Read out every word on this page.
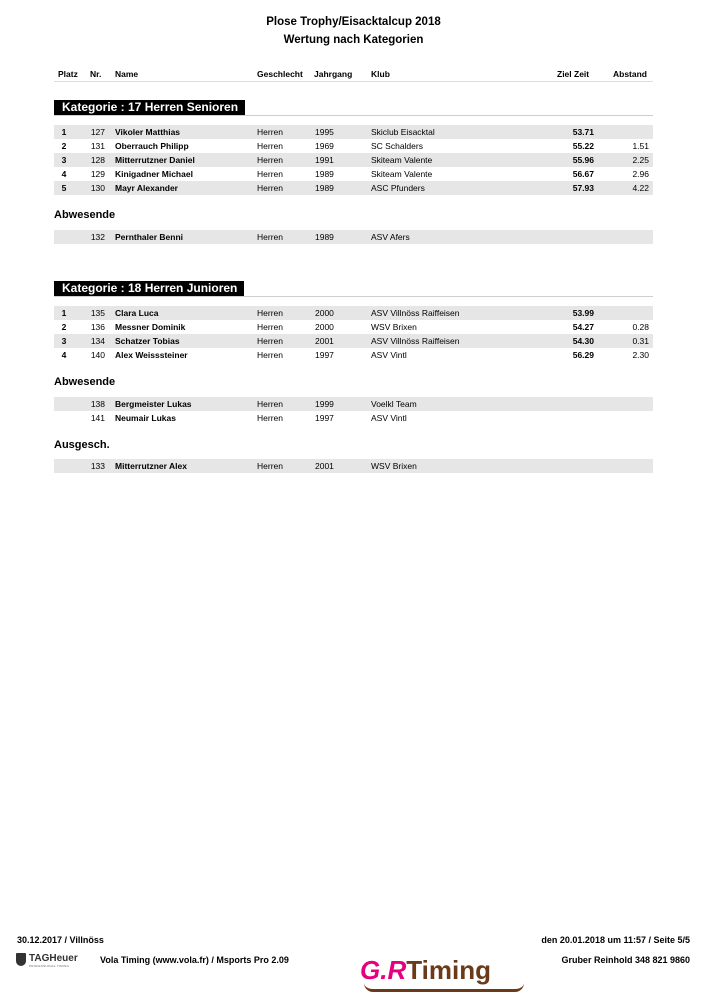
Plose Trophy/Eisacktalcup 2018
Wertung nach Kategorien
Platz Nr. Name	Geschlecht Jahrgang Klub	Ziel Zeit	Abstand
Kategorie : 17 Herren Senioren
1	127 Vikoler Matthias	Herren	1995	Skiclub Eisacktal	53.71
2	131 Oberrauch Philipp	Herren	1969	SC Schalders	55.22	1.51
3	128 Mitterrutzner Daniel	Herren	1991	Skiteam Valente	55.96	2.25
4	129 Kinigadner Michael	Herren	1989	Skiteam Valente	56.67	2.96
5	130 Mayr Alexander	Herren	1989	ASC Pfunders	57.93	4.22
Abwesende
132 Pernthaler Benni	Herren	1989	ASV Afers
Kategorie : 18 Herren Junioren
1	135 Clara Luca	Herren	2000	ASV Villnöss Raiffeisen	53.99
2	136 Messner Dominik	Herren	2000	WSV Brixen	54.27	0.28
3	134 Schatzer Tobias	Herren	2001	ASV Villnöss Raiffeisen	54.30	0.31
4	140 Alex Weisssteiner	Herren	1997	ASV Vintl	56.29	2.30
Abwesende
138 Bergmeister Lukas	Herren	1999	Voelkl Team
141 Neumair Lukas	Herren	1997	ASV Vintl
Ausgesch.
133 Mitterrutzner Alex	Herren	2001	WSV Brixen
30.12.2017 / Villnöss	den 20.01.2018 um 11:57 / Seite 5/5
TAGHeuer
PROFESSIONAL TIMING
Vola Timing (www.vola.fr) / Msports Pro 2.09	G.RTiming	Gruber Reinhold 348 821 9860
